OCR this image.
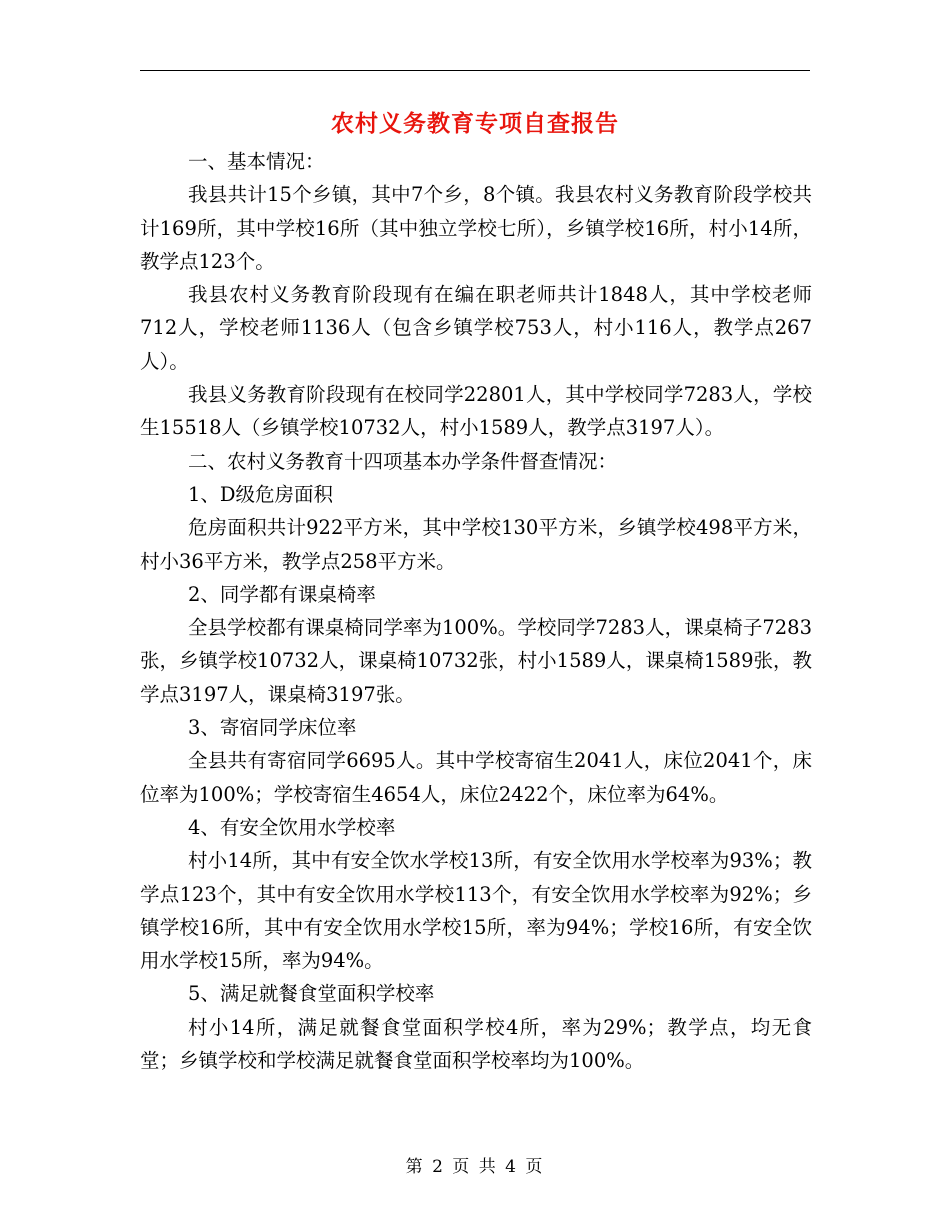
农村义务教育专项自查报告

一、基本情况：

我县共计15个乡镇，其中7个乡，8个镇。我县农村义务教育阶段学校共计169所，其中学校16所（其中独立学校七所），乡镇学校16所，村小14所，教学点123个。

我县农村义务教育阶段现有在编在职老师共计1848人，其中学校老师712人，学校老师1136人（包含乡镇学校753人，村小116人，教学点267人）。

我县义务教育阶段现有在校同学22801人，其中学校同学7283人，学校生15518人（乡镇学校10732人，村小1589人，教学点3197人）。

二、农村义务教育十四项基本办学条件督查情况：

1、D级危房面积

危房面积共计922平方米，其中学校130平方米，乡镇学校498平方米，村小36平方米，教学点258平方米。

2、同学都有课桌椅率

全县学校都有课桌椅同学率为100%。学校同学7283人，课桌椅子7283张，乡镇学校10732人，课桌椅10732张，村小1589人，课桌椅1589张，教学点3197人，课桌椅3197张。

3、寄宿同学床位率

全县共有寄宿同学6695人。其中学校寄宿生2041人，床位2041个，床位率为100%；学校寄宿生4654人，床位2422个，床位率为64%。

4、有安全饮用水学校率

村小14所，其中有安全饮水学校13所，有安全饮用水学校率为93%；教学点123个，其中有安全饮用水学校113个，有安全饮用水学校率为92%；乡镇学校16所，其中有安全饮用水学校15所，率为94%；学校16所，有安全饮用水学校15所，率为94%。

5、满足就餐食堂面积学校率

村小14所，满足就餐食堂面积学校4所，率为29%；教学点，均无食堂；乡镇学校和学校满足就餐食堂面积学校率均为100%。

第 2 页 共 4 页
